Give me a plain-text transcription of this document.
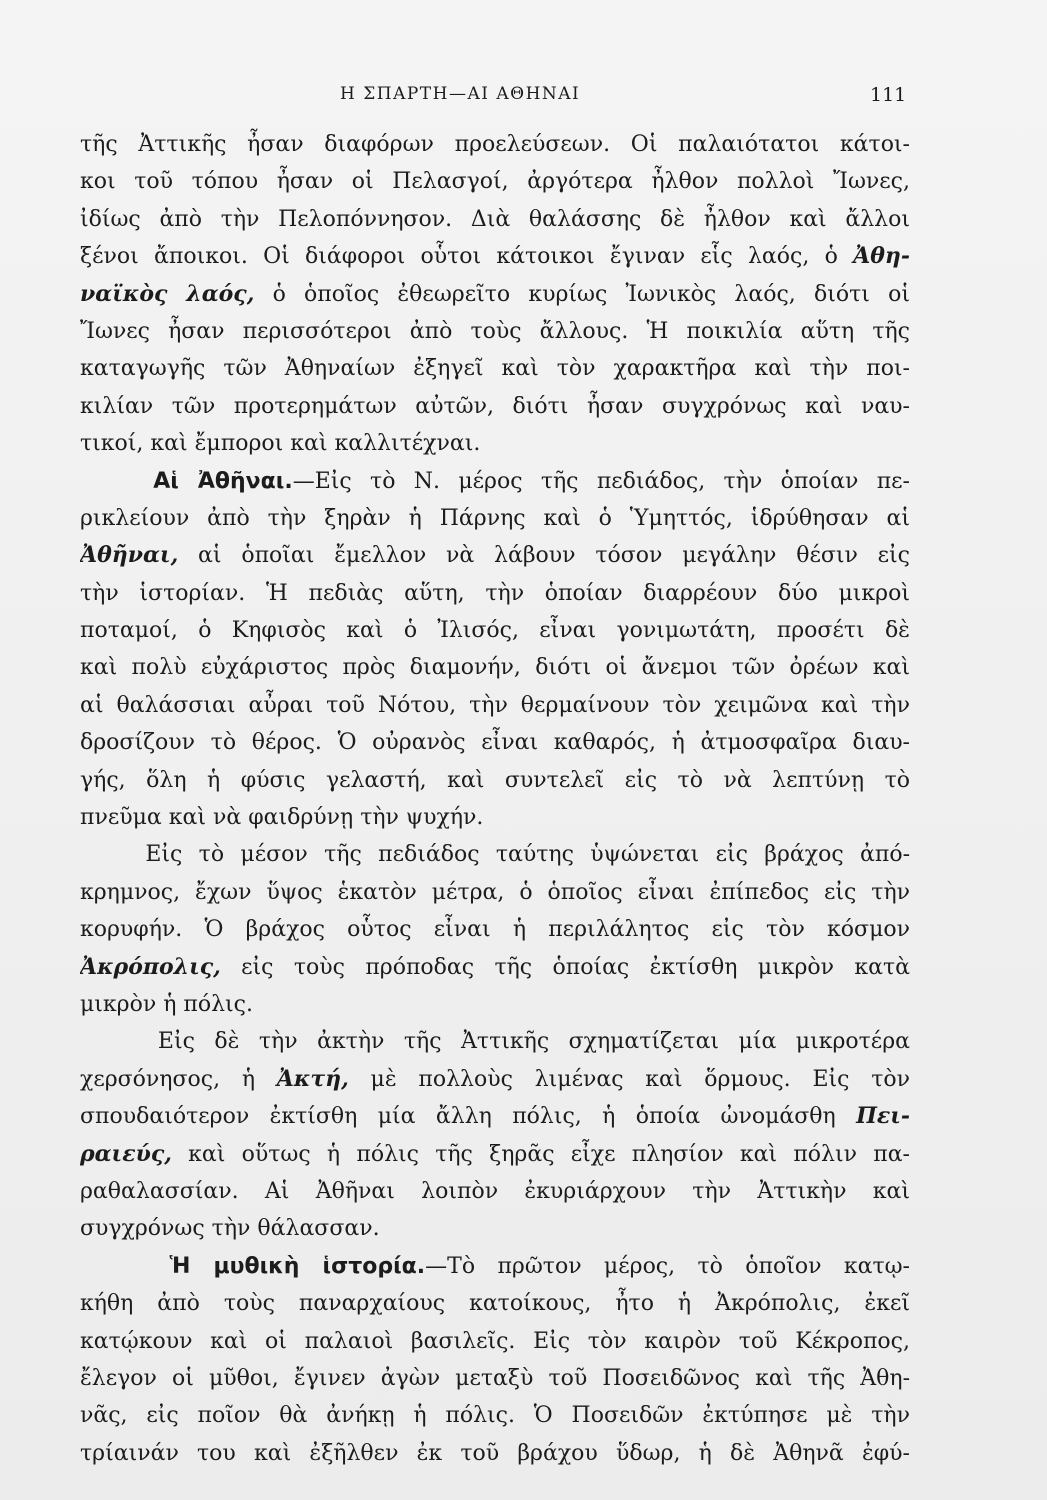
Η ΣΠΑΡΤΗ—ΑΙ ΑΘΗΝΑΙ	111
τῆς Ἀττικῆς ἦσαν διαφόρων προελεύσεων. Οἱ παλαιότατοι κάτοι-
κοι τοῦ τόπου ἦσαν οἱ Πελασγοί, ἀργότερα ἦλθον πολλοὶ Ἴωνες,
ἰδίως ἀπὸ τὴν Πελοπόννησον. Διὰ θαλάσσης δὲ ἦλθον καὶ ἄλλοι
ξένοι ἄποικοι. Οἱ διάφοροι οὗτοι κάτοικοι ἔγιναν εἷς λαός, ὁ Ἀθη-
ναϊκὸς λαός, ὁ ὁποῖος ἐθεωρεῖτο κυρίως Ἰωνικὸς λαός, διότι οἱ
Ἴωνες ἦσαν περισσότεροι ἀπὸ τοὺς ἄλλους. Ἡ ποικιλία αὕτη τῆς
καταγωγῆς τῶν Ἀθηναίων ἐξηγεῖ καὶ τὸν χαρακτῆρα καὶ τὴν ποι-
κιλίαν τῶν προτερημάτων αὐτῶν, διότι ἦσαν συγχρόνως καὶ ναυ-
τικοί, καὶ ἔμποροι καὶ καλλιτέχναι.
Αἱ Ἀθῆναι.—Εἰς τὸ Ν. μέρος τῆς πεδιάδος, τὴν ὁποίαν πε-
ρικλείουν ἀπὸ τὴν ξηρὰν ἡ Πάρνης καὶ ὁ Ὑμηττός, ἱδρύθησαν αἱ
Ἀθῆναι, αἱ ὁποῖαι ἔμελλον νὰ λάβουν τόσον μεγάλην θέσιν εἰς
τὴν ἱστορίαν. Ἡ πεδιὰς αὕτη, τὴν ὁποίαν διαρρέουν δύο μικροὶ
ποταμοί, ὁ Κηφισὸς καὶ ὁ Ἰλισός, εἶναι γονιμωτάτη, προσέτι δὲ
καὶ πολὺ εὐχάριστος πρὸς διαμονήν, διότι οἱ ἄνεμοι τῶν ὀρέων καὶ
αἱ θαλάσσιαι αὖραι τοῦ Νότου, τὴν θερμαίνουν τὸν χειμῶνα καὶ τὴν
δροσίζουν τὸ θέρος. Ὁ οὐρανὸς εἶναι καθαρός, ἡ ἀτμοσφαῖρα διαυ-
γής, ὅλη ἡ φύσις γελαστή, καὶ συντελεῖ εἰς τὸ νὰ λεπτύνῃ τὸ
πνεῦμα καὶ νὰ φαιδρύνῃ τὴν ψυχήν.
Εἰς τὸ μέσον τῆς πεδιάδος ταύτης ὑψώνεται εἰς βράχος ἀπό-
κρημνος, ἔχων ὕψος ἑκατὸν μέτρα, ὁ ὁποῖος εἶναι ἐπίπεδος εἰς τὴν
κορυφήν. Ὁ βράχος οὗτος εἶναι ἡ περιλάλητος εἰς τὸν κόσμον
Ἀκρόπολις, εἰς τοὺς πρόποδας τῆς ὁποίας ἐκτίσθη μικρὸν κατὰ
μικρὸν ἡ πόλις.
Εἰς δὲ τὴν ἀκτὴν τῆς Ἀττικῆς σχηματίζεται μία μικροτέρα
χερσόνησος, ἡ Ἀκτή, μὲ πολλοὺς λιμένας καὶ ὅρμους. Εἰς τὸν
σπουδαιότερον ἐκτίσθη μία ἄλλη πόλις, ἡ ὁποία ὠνομάσθη Πει-
ραιεύς, καὶ οὕτως ἡ πόλις τῆς ξηρᾶς εἶχε πλησίον καὶ πόλιν πα-
ραθαλασσίαν. Αἱ Ἀθῆναι λοιπὸν ἐκυριάρχουν τὴν Ἀττικὴν καὶ
συγχρόνως τὴν θάλασσαν.
Ἡ μυθικὴ ἱστορία.—Τὸ πρῶτον μέρος, τὸ ὁποῖον κατῳ-
κήθη ἀπὸ τοὺς παναρχαίους κατοίκους, ἦτο ἡ Ἀκρόπολις, ἐκεῖ
κατῴκουν καὶ οἱ παλαιοὶ βασιλεῖς. Εἰς τὸν καιρὸν τοῦ Κέκροπος,
ἔλεγον οἱ μῦθοι, ἔγινεν ἀγὼν μεταξὺ τοῦ Ποσειδῶνος καὶ τῆς Ἀθη-
νᾶς, εἰς ποῖον θὰ ἀνήκῃ ἡ πόλις. Ὁ Ποσειδῶν ἐκτύπησε μὲ τὴν
τρίαινάν του καὶ ἐξῆλθεν ἐκ τοῦ βράχου ὕδωρ, ἡ δὲ Ἀθηνᾶ ἐφύ-
